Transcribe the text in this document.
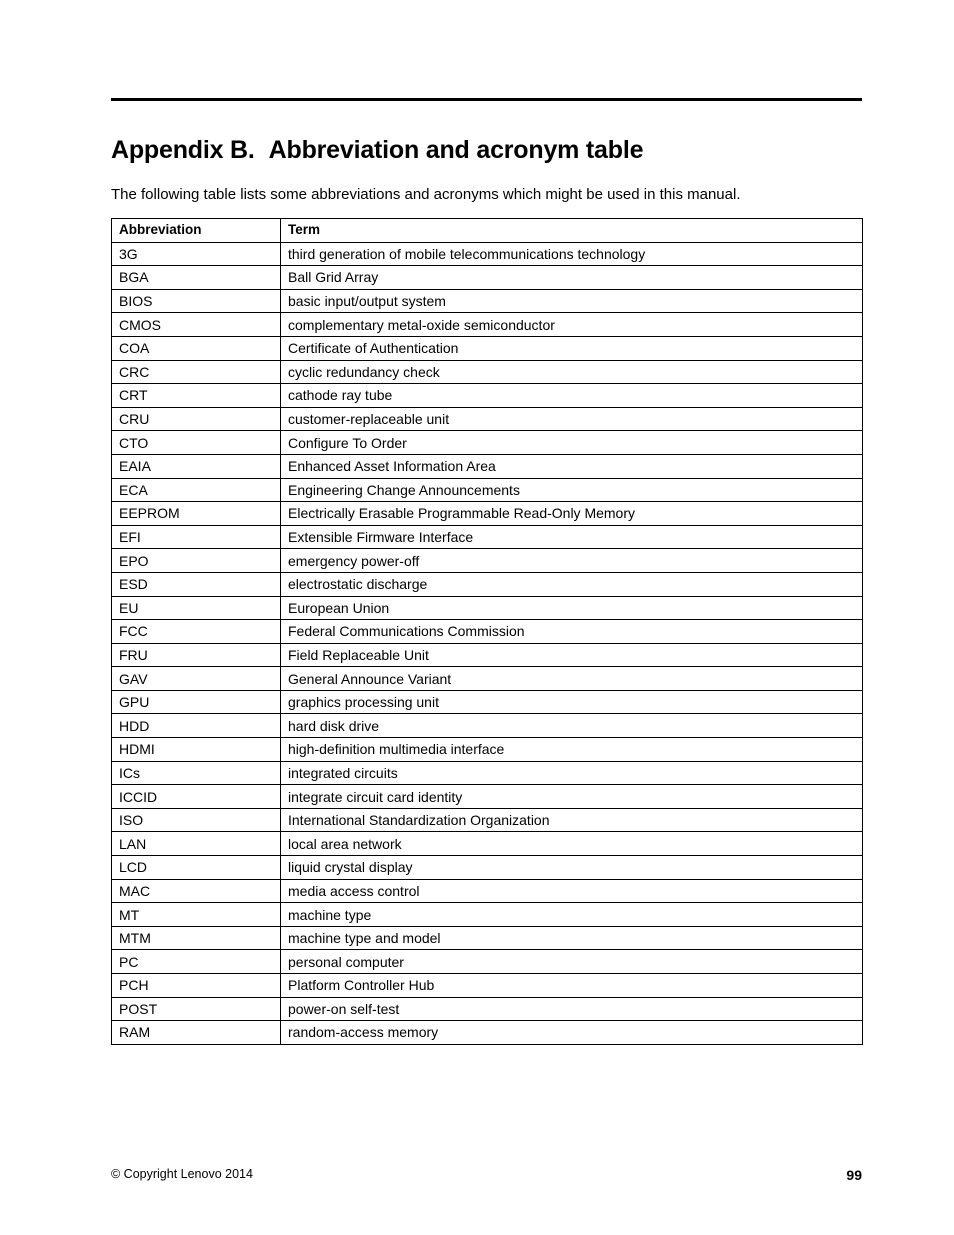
Appendix B. Abbreviation and acronym table

The following table lists some abbreviations and acronyms which might be used in this manual.

Abbreviation	Term
3G	third generation of mobile telecommunications technology
BGA	Ball Grid Array
BIOS	basic input/output system
CMOS	complementary metal-oxide semiconductor
COA	Certificate of Authentication
CRC	cyclic redundancy check
CRT	cathode ray tube
CRU	customer-replaceable unit
CTO	Configure To Order
EAIA	Enhanced Asset Information Area
ECA	Engineering Change Announcements
EEPROM	Electrically Erasable Programmable Read-Only Memory
EFI	Extensible Firmware Interface
EPO	emergency power-off
ESD	electrostatic discharge
EU	European Union
FCC	Federal Communications Commission
FRU	Field Replaceable Unit
GAV	General Announce Variant
GPU	graphics processing unit
HDD	hard disk drive
HDMI	high-definition multimedia interface
ICs	integrated circuits
ICCID	integrate circuit card identity
ISO	International Standardization Organization
LAN	local area network
LCD	liquid crystal display
MAC	media access control
MT	machine type
MTM	machine type and model
PC	personal computer
PCH	Platform Controller Hub
POST	power-on self-test
RAM	random-access memory

© Copyright Lenovo 2014	99
